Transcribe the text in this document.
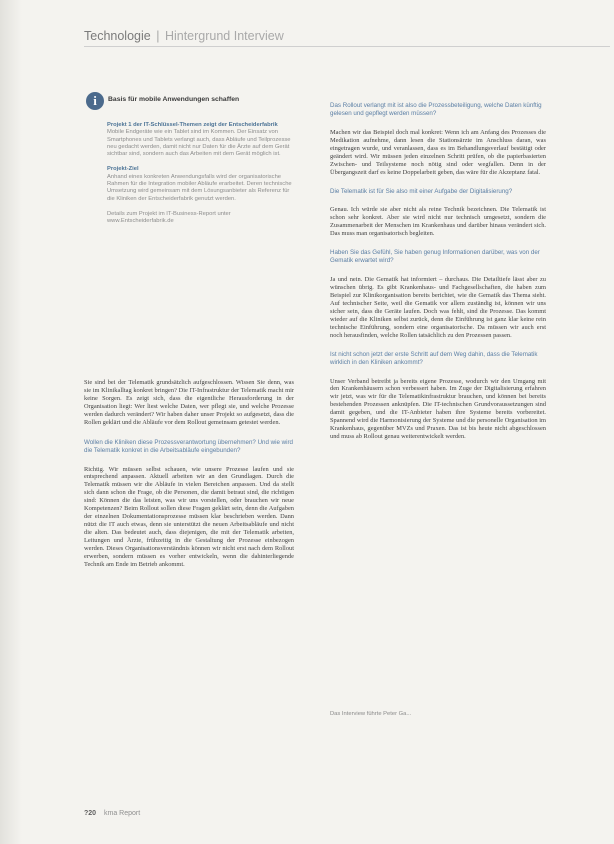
Technologie | Hintergrund Interview
i	Basis für mobile Anwendungen schaffen

Projekt 1 der IT-Schlüssel-Themen zeigt der Entscheiderfabrik

Mobile Endgeräte wie ein Tablet sind im Kommen. Der Einsatz von Smartphones und Tablets verlangt auch, dass Abläufe und Teilprozesse neu gedacht werden, damit nicht nur Daten für die Ärzte auf dem Gerät sichtbar sind, sondern auch das Arbeiten mit dem Gerät möglich ist.

Projekt-Ziel

Anhand eines konkreten Anwendungsfalls wird der organisatorische Rahmen für die Integration mobiler Abläufe erarbeitet. Deren technische Umsetzung wird gemeinsam mit dem Lösungsanbieter als Referenz für die Kliniken der Entscheiderfabrik genutzt werden.

Details zum Projekt im IT-Business-Report unter www.Entscheiderfabrik.de

Sie sind bei der Telematik grundsätzlich aufgeschlossen. Wissen Sie denn, was sie im Klinikalltag konkret bringen? Die IT-Infrastruktur der Telematik macht mir keine Sorgen. Es zeigt sich, dass die eigentliche Herausforderung in der Organisation liegt: Wer liest welche Daten, wer pflegt sie, und welche Prozesse werden dadurch verändert? Wir haben daher unser Projekt so aufgesetzt, dass die Rollen geklärt und die Abläufe vor dem Rollout gemeinsam getestet werden.

Wollen die Kliniken diese Prozessverantwortung übernehmen? Und wie wird die Telematik konkret in die Arbeitsabläufe eingebunden?

Richtig. Wir müssen selbst schauen, wie unsere Prozesse laufen und sie entsprechend anpassen. Aktuell arbeiten wir an den Grundlagen. Durch die Telematik müssen wir die Abläufe in vielen Bereichen anpassen. Und da stellt sich dann schon die Frage, ob die Personen, die damit betraut sind, die richtigen sind: Können die das leisten, was wir uns vorstellen, oder brauchen wir neue Kompetenzen? Beim Rollout sollen diese Fragen geklärt sein, denn die Aufgaben der einzelnen Dokumentationsprozesse müssen klar beschrieben werden. Dann nützt die IT auch etwas, denn sie unterstützt die neuen Arbeitsabläufe und nicht die alten. Das bedeutet auch, dass diejenigen, die mit der Telematik arbeiten, Leitungen und Ärzte, frühzeitig in die Gestaltung der Prozesse einbezogen werden. Dieses Organisationsverständnis können wir nicht erst nach dem Rollout erwerben, sondern müssen es vorher entwickeln, wenn die dahinterliegende Technik am Ende im Betrieb ankommt.

Das Rollout verlangt mit ist also die Prozessbeteiligung, welche Daten künftig gelesen und gepflegt werden müssen?

Machen wir das Beispiel doch mal konkret: Wenn ich am Anfang des Prozesses die Medikation aufnehme, dann lesen die Stationsärzte im Anschluss daran, was eingetragen wurde, und veranlassen, dass es im Behandlungsverlauf bestätigt oder geändert wird. Wir müssen jeden einzelnen Schritt prüfen, ob die papierbasierten Zwischen- und Teilsysteme noch nötig sind oder wegfallen. Denn in der Übergangszeit darf es keine Doppelarbeit geben, das wäre für die Akzeptanz fatal.

Die Telematik ist für Sie also mit einer Aufgabe der Digitalisierung?

Genau. Ich würde sie aber nicht als reine Technik bezeichnen. Die Telematik ist schon sehr konkret. Aber sie wird nicht nur technisch umgesetzt, sondern die Zusammenarbeit der Menschen im Krankenhaus und darüber hinaus verändert sich. Das muss man organisatorisch begleiten.

Haben Sie das Gefühl, Sie haben genug Informationen darüber, was von der Gematik erwartet wird?

Ja und nein. Die Gematik hat informiert – durchaus. Die Detailtiefe lässt aber zu wünschen übrig. Es gibt Krankenhaus- und Fachgesellschaften, die haben zum Beispiel zur Klinikorganisation bereits berichtet, wie die Gematik das Thema sieht. Auf technischer Seite, weil die Gematik vor allem zuständig ist, können wir uns sicher sein, dass die Geräte laufen. Doch was fehlt, sind die Prozesse. Das kommt wieder auf die Kliniken selbst zurück, denn die Einführung ist ganz klar keine rein technische Einführung, sondern eine organisatorische. Da müssen wir auch erst noch herausfinden, welche Rollen tatsächlich zu den Prozessen passen.

Ist nicht schon jetzt der erste Schritt auf dem Weg dahin, dass die Telematik wirklich in den Kliniken ankommt?

Unser Verband betreibt ja bereits eigene Prozesse, wodurch wir den Umgang mit den Krankenhäusern schon verbessert haben. Im Zuge der Digitalisierung erfahren wir jetzt, was wir für die Telematikinfrastruktur brauchen, und können bei bereits bestehenden Prozessen anknüpfen. Die IT-technischen Grundvoraussetzungen sind damit gegeben, und die IT-Anbieter haben ihre Systeme bereits vorbereitet. Spannend wird die Harmonisierung der Systeme und die personelle Organisation im Krankenhaus, gegenüber MVZs und Praxen. Das ist bis heute nicht abgeschlossen und muss ab Rollout genau weiterentwickelt werden.

Das Interview führte Peter Ga...
?20 kma Report
